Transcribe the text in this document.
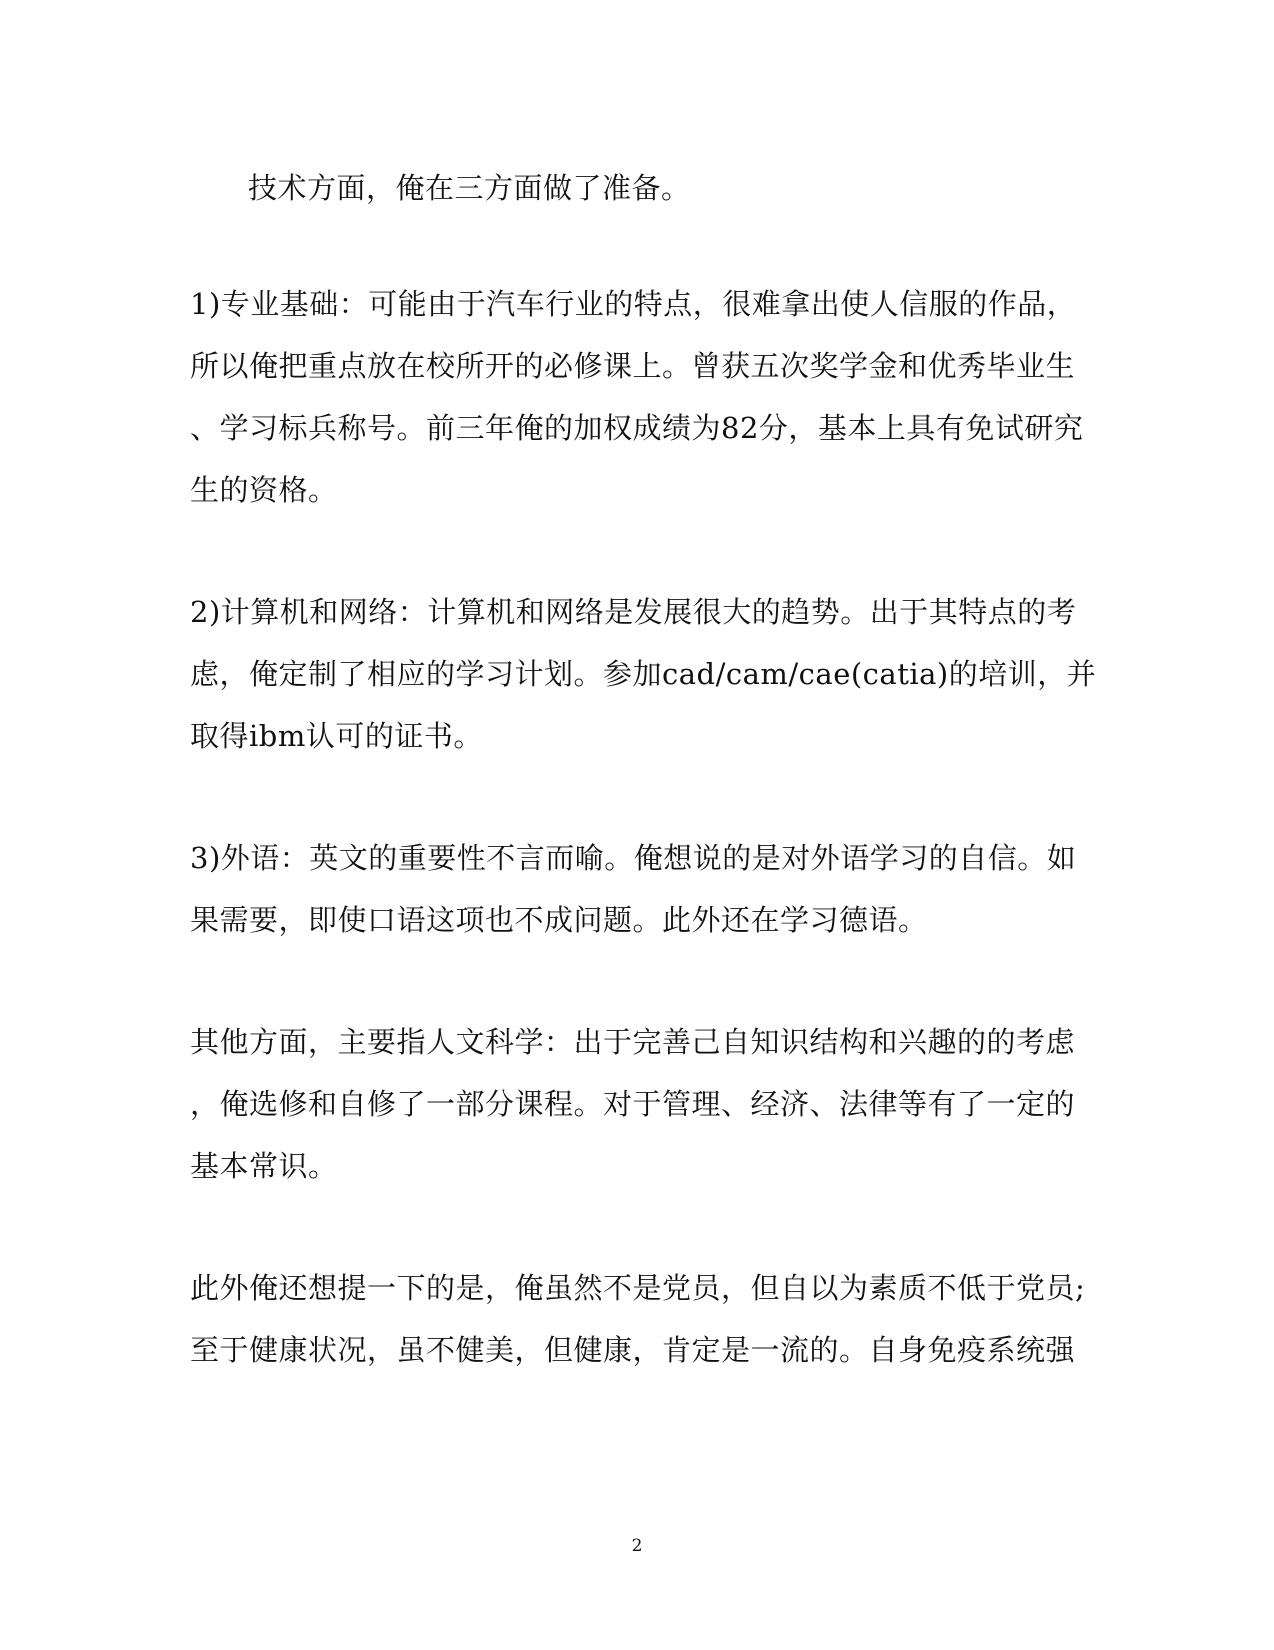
技术方面，俺在三方面做了准备。
1)专业基础：可能由于汽车行业的特点，很难拿出使人信服的作品，
所以俺把重点放在校所开的必修课上。曾获五次奖学金和优秀毕业生
、学习标兵称号。前三年俺的加权成绩为82分，基本上具有免试研究
生的资格。
2)计算机和网络：计算机和网络是发展很大的趋势。出于其特点的考
虑，俺定制了相应的学习计划。参加cad/cam/cae(catia)的培训，并
取得ibm认可的证书。
3)外语：英文的重要性不言而喻。俺想说的是对外语学习的自信。如
果需要，即使口语这项也不成问题。此外还在学习德语。
其他方面，主要指人文科学：出于完善己自知识结构和兴趣的的考虑
，俺选修和自修了一部分课程。对于管理、经济、法律等有了一定的
基本常识。
此外俺还想提一下的是，俺虽然不是党员，但自以为素质不低于党员;
至于健康状况，虽不健美，但健康，肯定是一流的。自身免疫系统强
2
